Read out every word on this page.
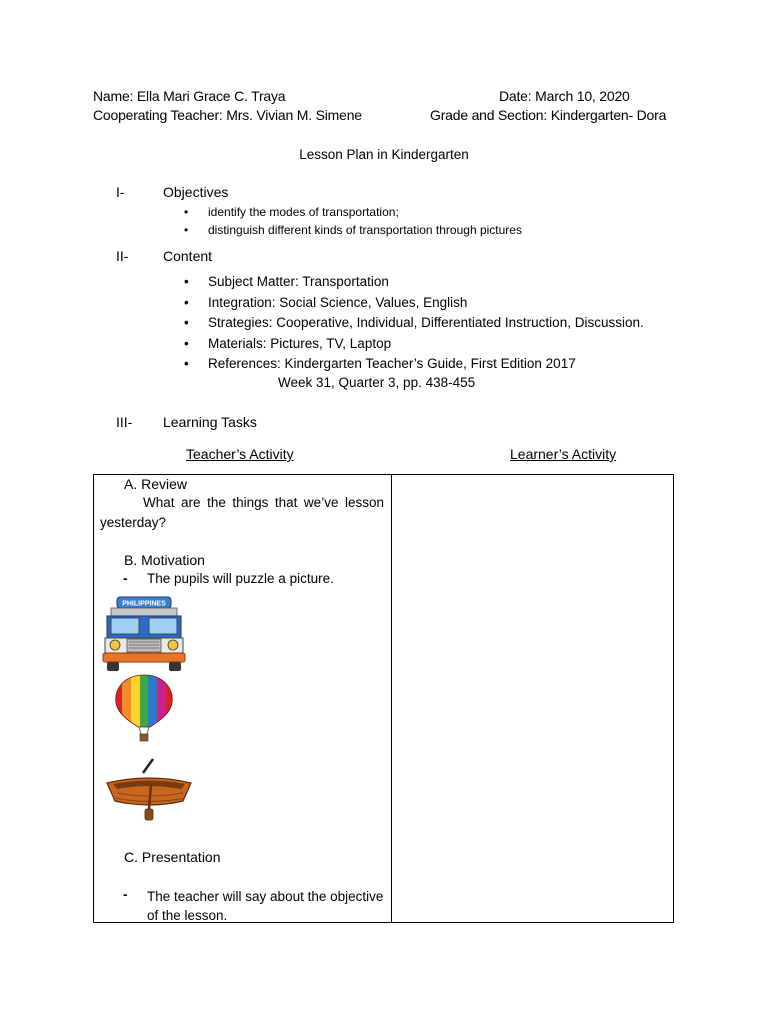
Name: Ella Mari Grace C. Traya	Date: March 10, 2020
Cooperating Teacher: Mrs. Vivian M. Simene	Grade and Section: Kindergarten- Dora
Lesson Plan in Kindergarten
I-	Objectives
• identify the modes of transportation;
• distinguish different kinds of transportation through pictures
II- Content
• Subject Matter: Transportation
• Integration: Social Science, Values, English
• Strategies: Cooperative, Individual, Differentiated Instruction, Discussion.
• Materials: Pictures, TV, Laptop
• References: Kindergarten Teacher’s Guide, First Edition 2017
Week 31, Quarter 3, pp. 438-455
III- Learning Tasks
Teacher’s Activity	Learner’s Activity
A. Review
What are the things that we’ve lesson yesterday?
B. Motivation
- The pupils will puzzle a picture.
PHILIPPINES
C. Presentation
- The teacher will say about the objective of the lesson.
